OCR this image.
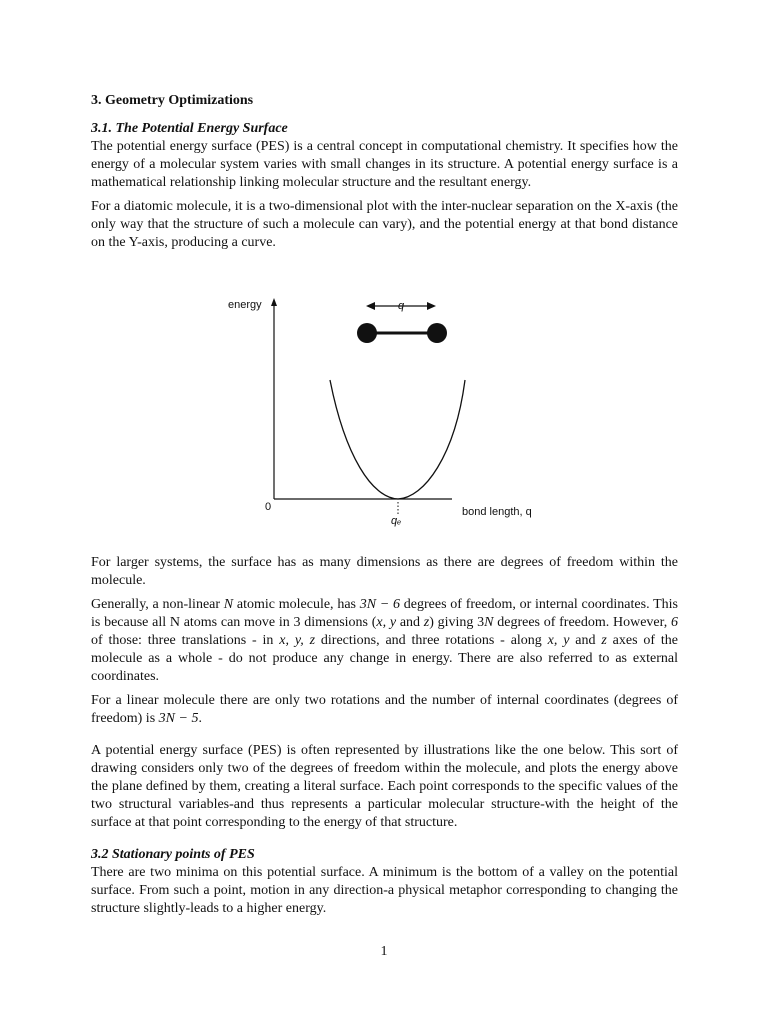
3. Geometry Optimizations
3.1. The Potential Energy Surface

The potential energy surface (PES) is a central concept in computational chemistry. It specifies how the energy of a molecular system varies with small changes in its structure. A potential energy surface is a mathematical relationship linking molecular structure and the resultant energy.

For a diatomic molecule, it is a two-dimensional plot with the inter-nuclear separation on the X-axis (the only way that the structure of such a molecule can vary), and the potential energy at that bond distance on the Y-axis, producing a curve.

energy
0	bond length, q
q
qₑ

For larger systems, the surface has as many dimensions as there are degrees of freedom within the molecule.

Generally, a non-linear N atomic molecule, has 3N − 6 degrees of freedom, or internal coordinates. This is because all N atoms can move in 3 dimensions (x, y and z) giving 3N degrees of freedom. However, 6 of those: three translations - in x, y, z directions, and three rotations - along x, y and z axes of the molecule as a whole - do not produce any change in energy. There are also referred to as external coordinates.

For a linear molecule there are only two rotations and the number of internal coordinates (degrees of freedom) is 3N − 5.

A potential energy surface (PES) is often represented by illustrations like the one below. This sort of drawing considers only two of the degrees of freedom within the molecule, and plots the energy above the plane defined by them, creating a literal surface. Each point corresponds to the specific values of the two structural variables-and thus represents a particular molecular structure-with the height of the surface at that point corresponding to the energy of that structure.

3.2 Stationary points of PES

There are two minima on this potential surface. A minimum is the bottom of a valley on the potential surface. From such a point, motion in any direction-a physical metaphor corresponding to changing the structure slightly-leads to a higher energy.

1
